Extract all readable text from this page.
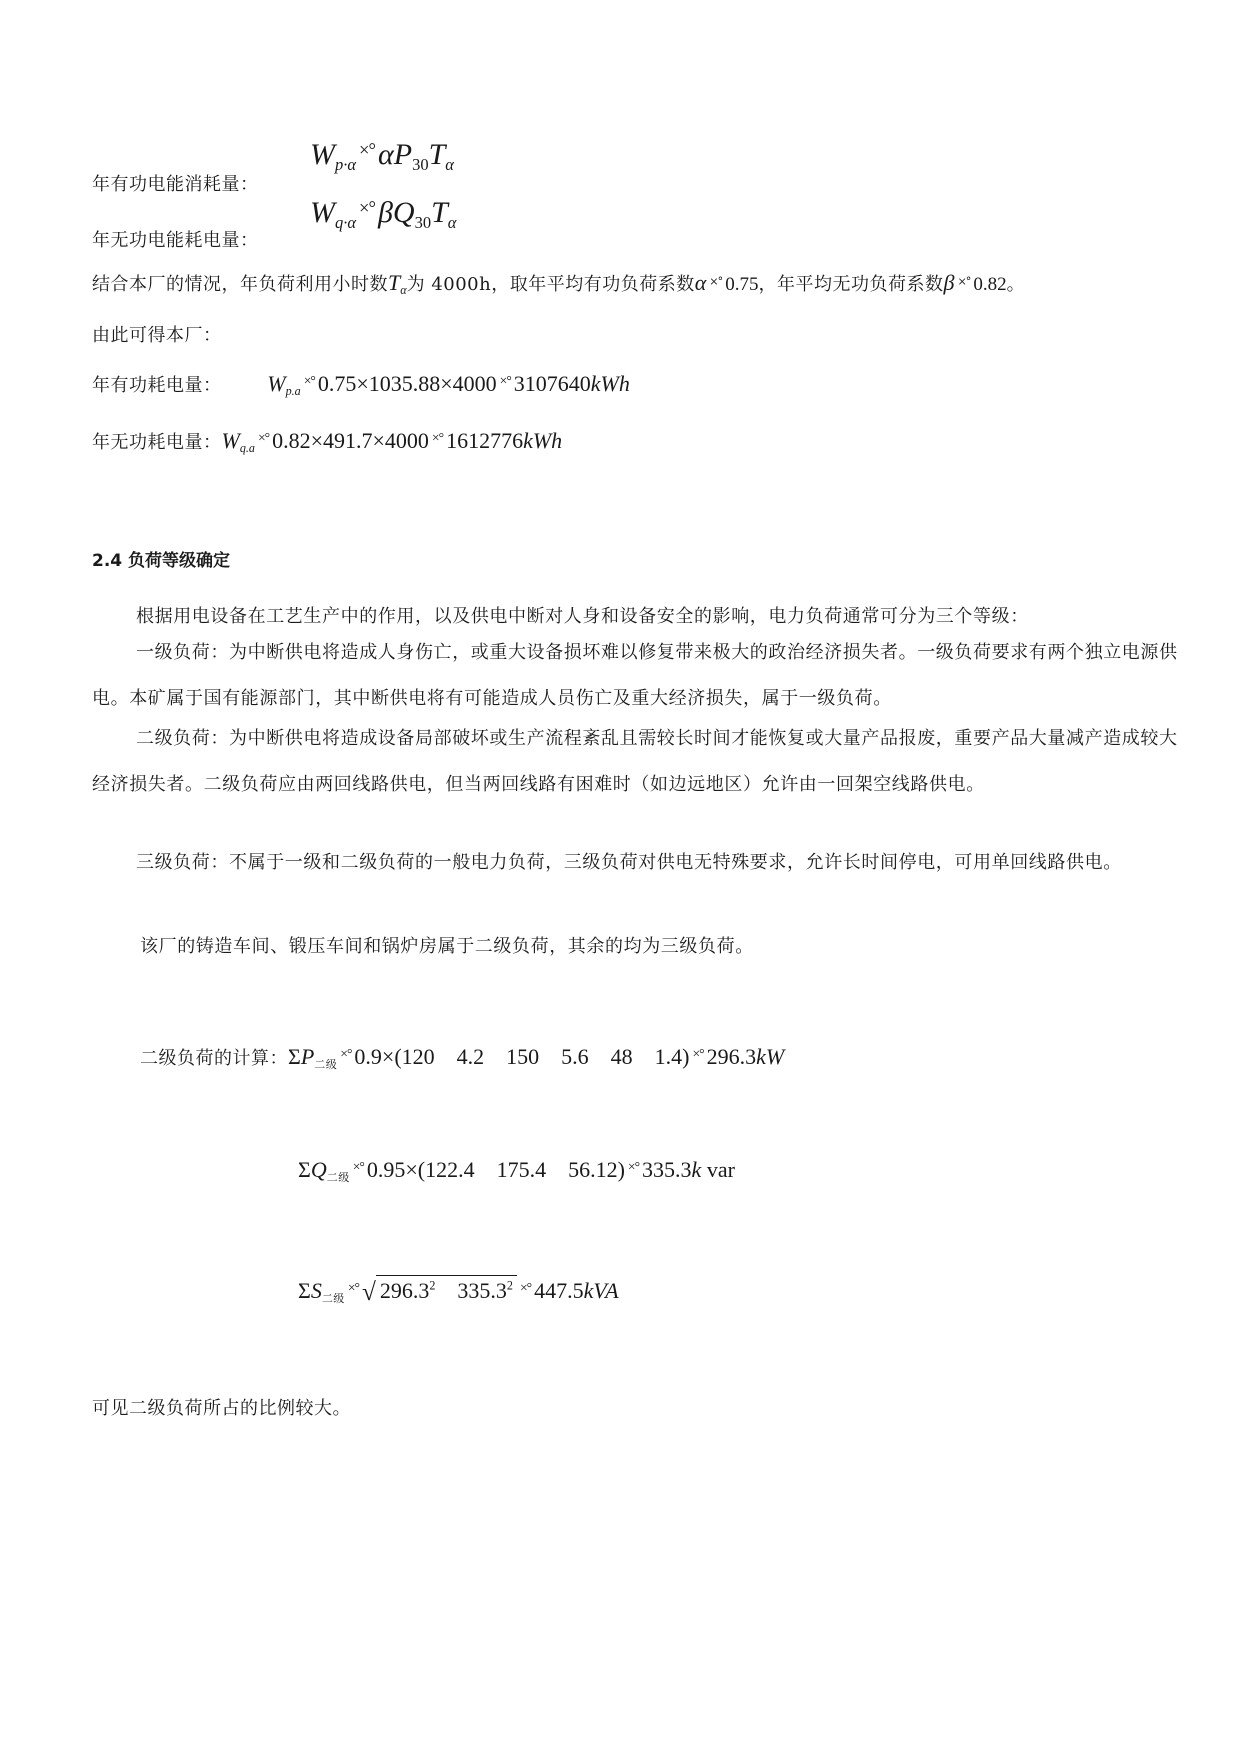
年有功电能消耗量：
$W_{p\cdot\alpha}^{\times^\circ}$ $\alpha P30T_\alpha$
年无功电能耗电量：
$W_{q\cdot\alpha}^{\times^\circ}$ $\beta Q30T_\alpha$
结合本厂的情况，年负荷利用小时数$T_\alpha$为 4000h，取年平均有功负荷系数α ×° 0.75，年平均无功负荷系数β ×° 0.82。
由此可得本厂：
年有功耗电量： $W_{p.a}^{\times^\circ}$ 0.75×1035.88×4000 ×° 3107640kWh
年无功耗电量：$W_{q.a}^{\times^\circ}$ 0.82×491.7×4000 ×° 1612776kWh
2.4 负荷等级确定
根据用电设备在工艺生产中的作用，以及供电中断对人身和设备安全的影响，电力负荷通常可分为三个等级：
一级负荷：为中断供电将造成人身伤亡，或重大设备损坏难以修复带来极大的政治经济损失者。一级负荷要求有两个独立电源供电。本矿属于国有能源部门，其中断供电将有可能造成人员伤亡及重大经济损失，属于一级负荷。
二级负荷：为中断供电将造成设备局部破坏或生产流程紊乱且需较长时间才能恢复或大量产品报废，重要产品大量减产造成较大经济损失者。二级负荷应由两回线路供电，但当两回线路有困难时（如边远地区）允许由一回架空线路供电。
三级负荷：不属于一级和二级负荷的一般电力负荷，三级负荷对供电无特殊要求，允许长时间停电，可用单回线路供电。
该厂的铸造车间、锻压车间和锅炉房属于二级负荷，其余的均为三级负荷。
二级负荷的计算：ΣP二级×° 0.9×(120 4.2 150 5.6 48 1.4) ×° 296.3kW
ΣQ二级×° 0.95×(122.4 175.4 56.12) ×° 335.3k var
ΣS二级×° √ 296.3$^2$ 335.3$^2$ ×° 447.5kVA
可见二级负荷所占的比例较大。
